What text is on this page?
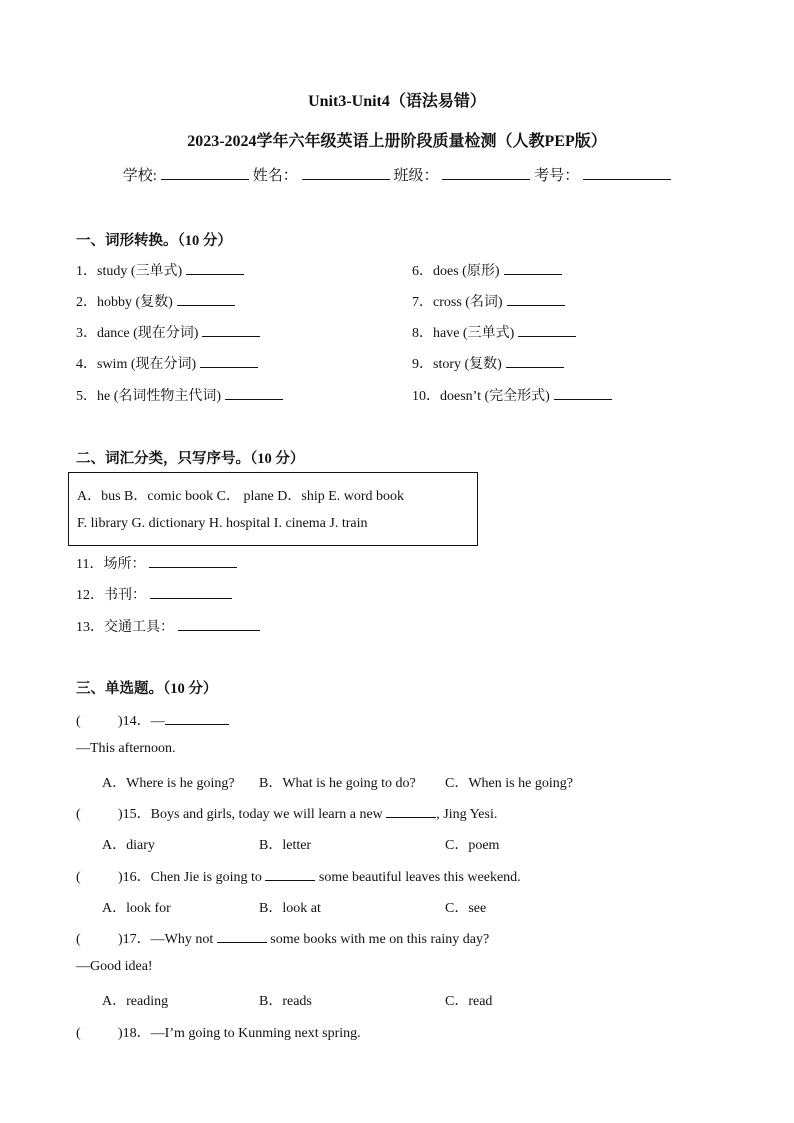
Unit3-Unit4（语法易错）
2023-2024学年六年级英语上册阶段质量检测（人教PEP版）
学校:	姓名：	班级：	考号：
一、词形转换。（10 分）
1．study (三单式)
2．hobby (复数)
3．dance (现在分词)
4．swim (现在分词)
5．he (名词性物主代词)
6．does (原形)
7．cross (名词)
8．have (三单式)
9．story (复数)
10．doesn’t (完全形式)
二、词汇分类，只写序号。（10 分）
A．bus B．comic book C． plane D．ship E. word book
F. library G. dictionary H. hospital I. cinema J. train
11．场所：
12．书刊：
13．交通工具：
三、单选题。（10 分）
(	)14．—
—This afternoon.
A．Where is he going? B．What is he going to do? C．When is he going?
(	)15．Boys and girls, today we will learn a new	, Jing Yesi.
A．diary	B．letter	C．poem
(	)16．Chen Jie is going to	some beautiful leaves this weekend.
A．look for	B．look at	C．see
(	)17．—Why not	some books with me on this rainy day?
—Good idea!
A．reading	B．reads	C．read
(	)18．—I’m going to Kunming next spring.
